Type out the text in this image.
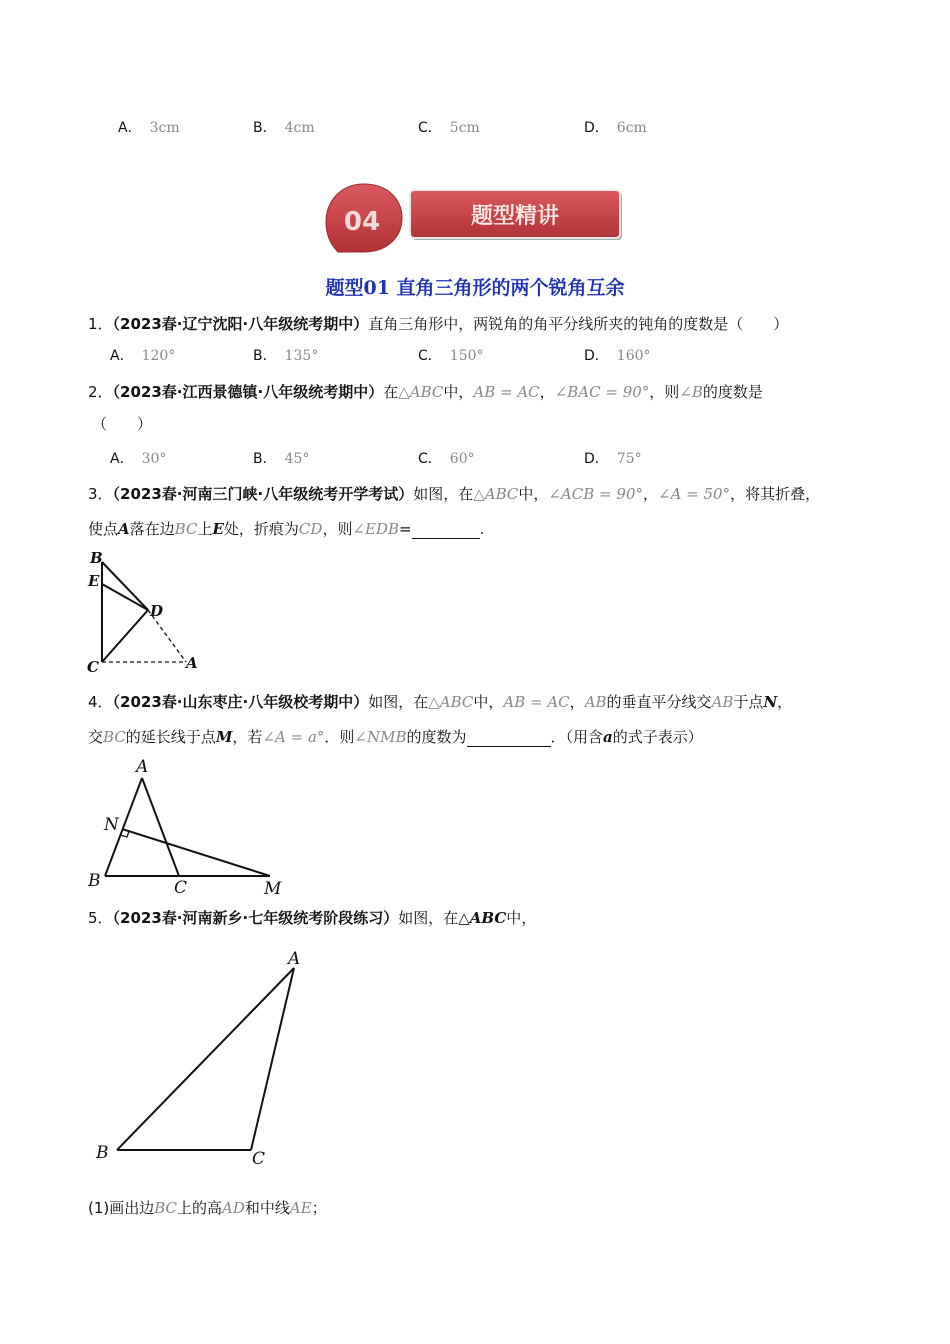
A． 3cm	B． 4cm	C． 5cm	D． 6cm
04	题型精讲
题型01 直角三角形的两个锐角互余
1．（2023春·辽宁沈阳·八年级统考期中）直角三角形中，两锐角的角平分线所夹的钝角的度数是（　　）
A． 120°	B． 135°	C． 150°	D． 160°
2．（2023春·江西景德镇·八年级统考期中）在△ABC中，AB = AC，∠BAC = 90°，则∠B的度数是
（　　）
A． 30°	B． 45°	C． 60°	D． 75°
3．（2023春·河南三门峡·八年级统考开学考试）如图，在△ABC中，∠ACB = 90°，∠A = 50°，将其折叠，
使点A落在边BC上E处，折痕为CD，则∠EDB=	.
B
E
D
C	A
4．（2023春·山东枣庄·八年级校考期中）如图，在△ABC中，AB = AC，AB的垂直平分线交AB于点N，
交BC的延长线于点M，若∠A = a°．则∠NMB的度数为	．（用含a的式子表示）
A
N
B	C	M
5．（2023春·河南新乡·七年级统考阶段练习）如图，在△ABC中，
A
B	C
(1)画出边BC上的高AD和中线AE；
